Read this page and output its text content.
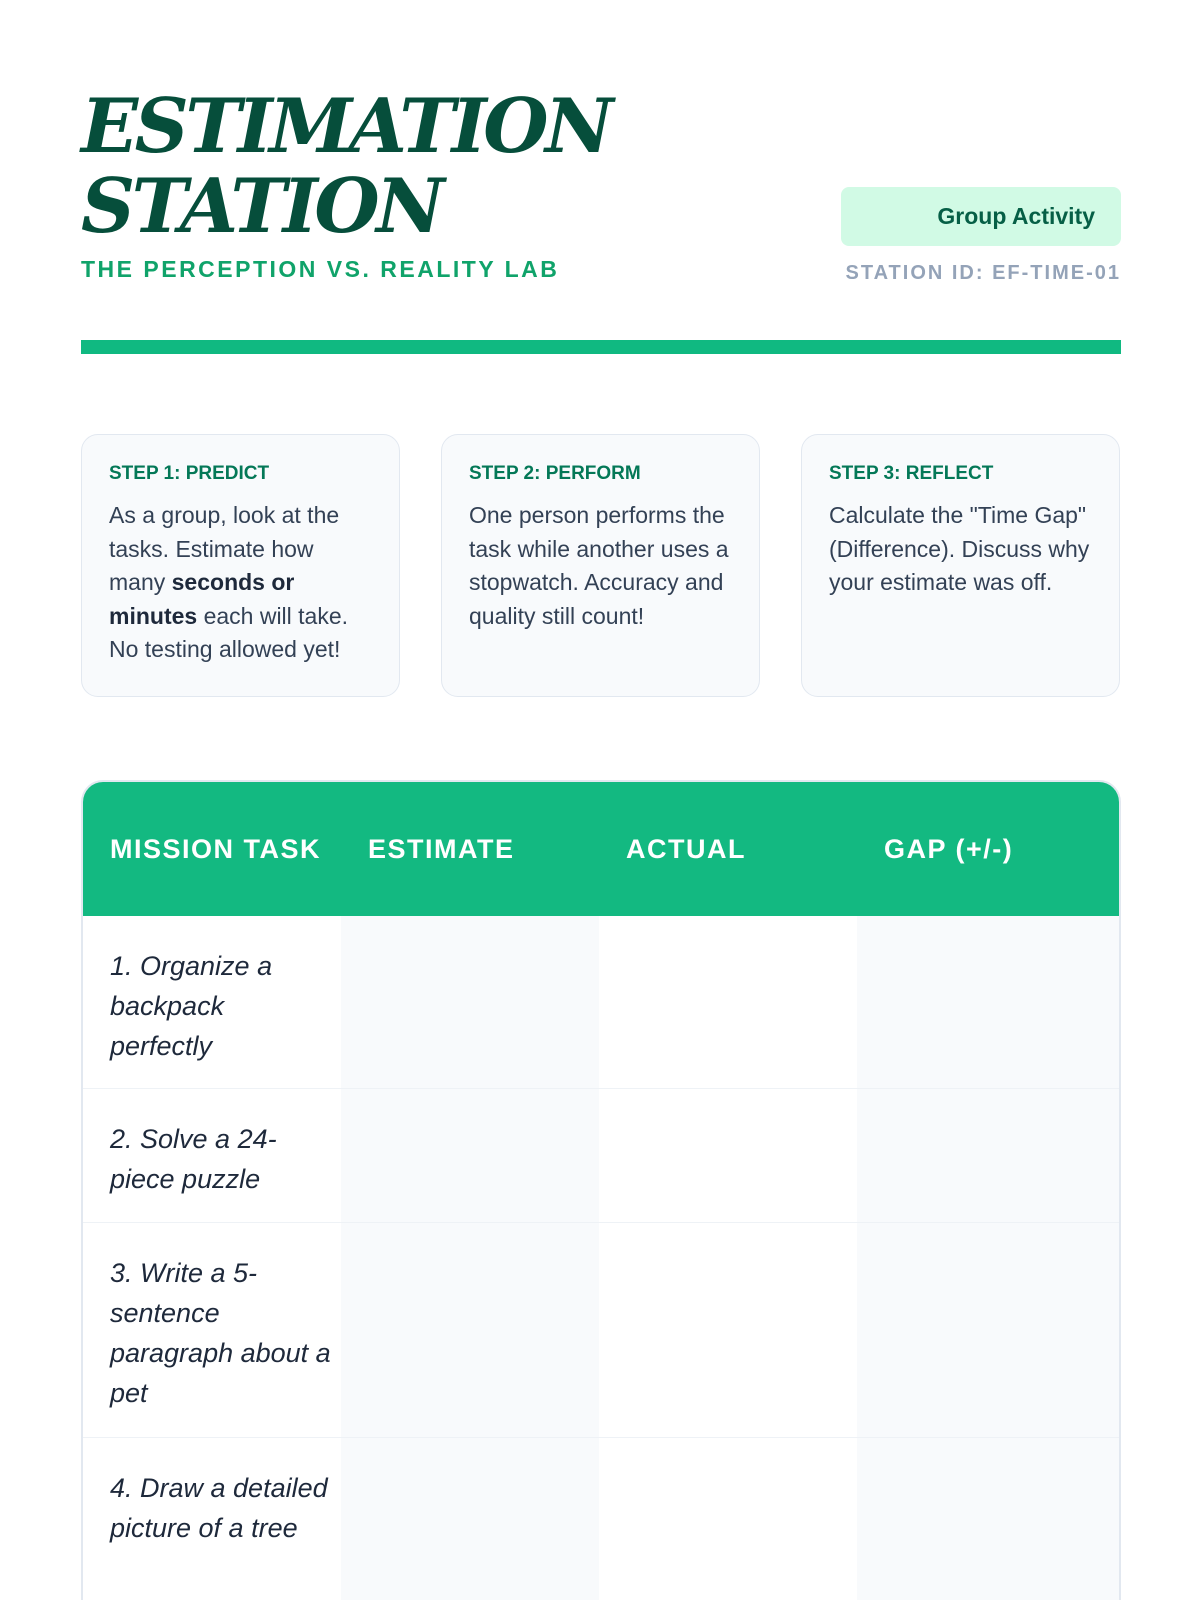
ESTIMATION
STATION
THE PERCEPTION VS. REALITY LAB
Group Activity
STATION ID: EF-TIME-01
STEP 1: PREDICT

As a group, look at the tasks. Estimate how many seconds or minutes each will take. No testing allowed yet!

STEP 2: PERFORM

One person performs the task while another uses a stopwatch. Accuracy and quality still count!

STEP 3: REFLECT

Calculate the "Time Gap" (Difference). Discuss why your estimate was off.

MISSION TASK	ESTIMATE	ACTUAL	GAP (+/-)
1. Organize a backpack perfectly
2. Solve a 24-piece puzzle
3. Write a 5-sentence paragraph about a pet
4. Draw a detailed picture of a tree
